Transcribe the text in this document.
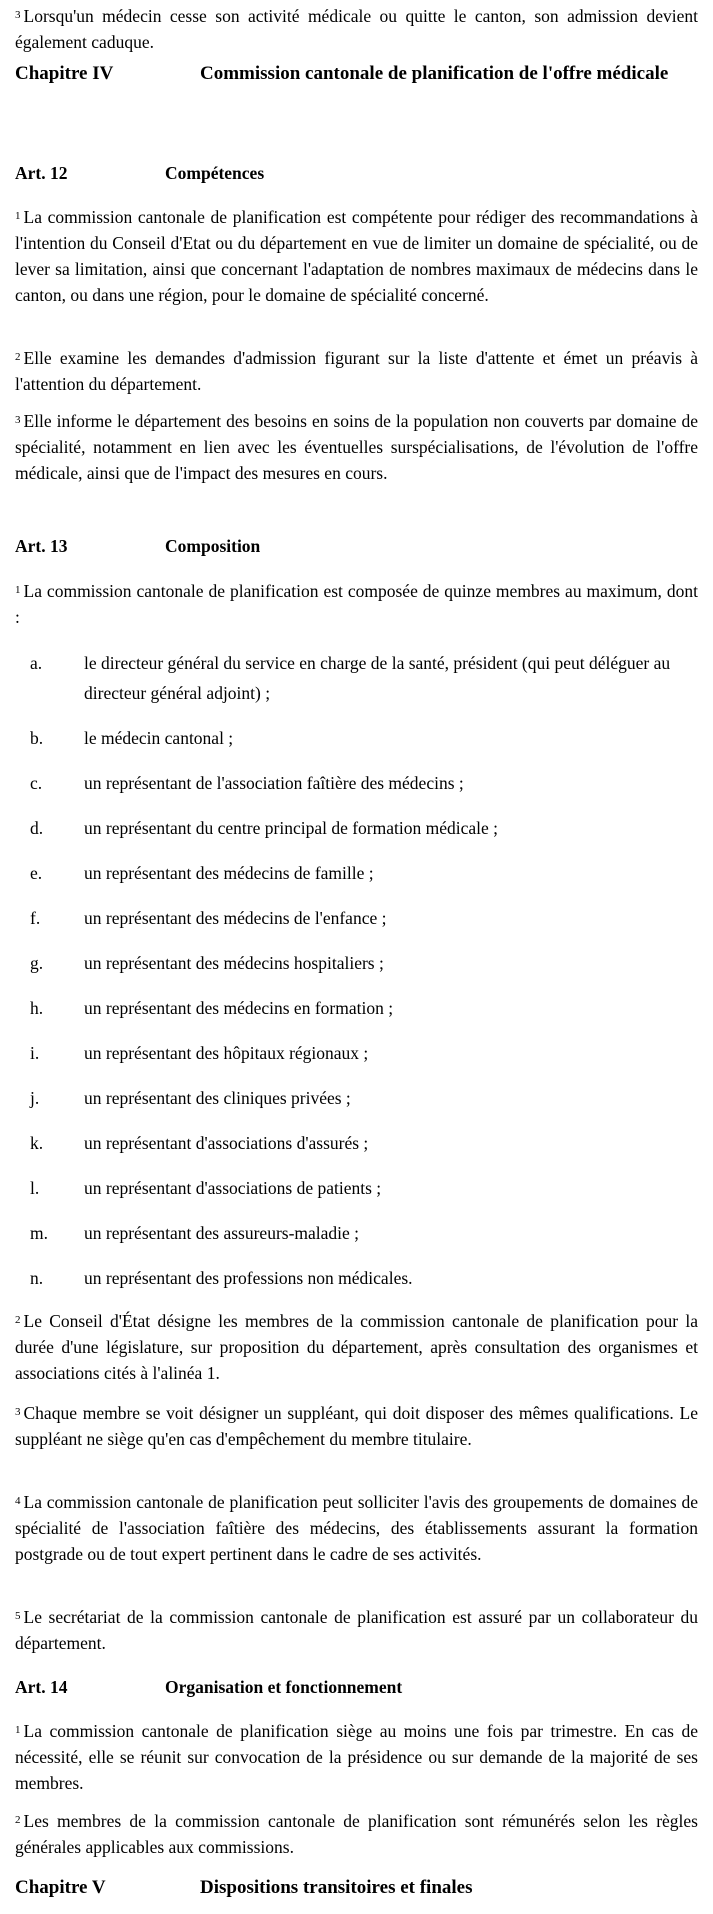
$^3$ Lorsqu'un médecin cesse son activité médicale ou quitte le canton, son admission devient également caduque.

Chapitre IV	Commission cantonale de planification de l'offre médicale
Art. 12	Compétences

$^1$ La commission cantonale de planification est compétente pour rédiger des recommandations à l'intention du Conseil d'Etat ou du département en vue de limiter un domaine de spécialité, ou de lever sa limitation, ainsi que concernant l'adaptation de nombres maximaux de médecins dans le canton, ou dans une région, pour le domaine de spécialité concerné.

$^2$ Elle examine les demandes d'admission figurant sur la liste d'attente et émet un préavis à l'attention du département.

$^3$ Elle informe le département des besoins en soins de la population non couverts par domaine de spécialité, notamment en lien avec les éventuelles surspécialisations, de l'évolution de l'offre médicale, ainsi que de l'impact des mesures en cours.

Art. 13	Composition

$^1$ La commission cantonale de planification est composée de quinze membres au maximum, dont :

a.	le directeur général du service en charge de la santé, président (qui peut déléguer au directeur général adjoint) ;
b.	le médecin cantonal ;
c.	un représentant de l'association faîtière des médecins ;
d.	un représentant du centre principal de formation médicale ;
e.	un représentant des médecins de famille ;
f.	un représentant des médecins de l'enfance ;
g.	un représentant des médecins hospitaliers ;
h.	un représentant des médecins en formation ;
i.	un représentant des hôpitaux régionaux ;
j.	un représentant des cliniques privées ;
k.	un représentant d'associations d'assurés ;
l.	un représentant d'associations de patients ;
m.	un représentant des assureurs-maladie ;
n.	un représentant des professions non médicales.

$^2$ Le Conseil d'État désigne les membres de la commission cantonale de planification pour la durée d'une législature, sur proposition du département, après consultation des organismes et associations cités à l'alinéa 1.

$^3$ Chaque membre se voit désigner un suppléant, qui doit disposer des mêmes qualifications. Le suppléant ne siège qu'en cas d'empêchement du membre titulaire.

$^4$ La commission cantonale de planification peut solliciter l'avis des groupements de domaines de spécialité de l'association faîtière des médecins, des établissements assurant la formation postgrade ou de tout expert pertinent dans le cadre de ses activités.

$^5$ Le secrétariat de la commission cantonale de planification est assuré par un collaborateur du département.

Art. 14	Organisation et fonctionnement

$^1$ La commission cantonale de planification siège au moins une fois par trimestre. En cas de nécessité, elle se réunit sur convocation de la présidence ou sur demande de la majorité de ses membres.

$^2$ Les membres de la commission cantonale de planification sont rémunérés selon les règles générales applicables aux commissions.

Chapitre V	Dispositions transitoires et finales
